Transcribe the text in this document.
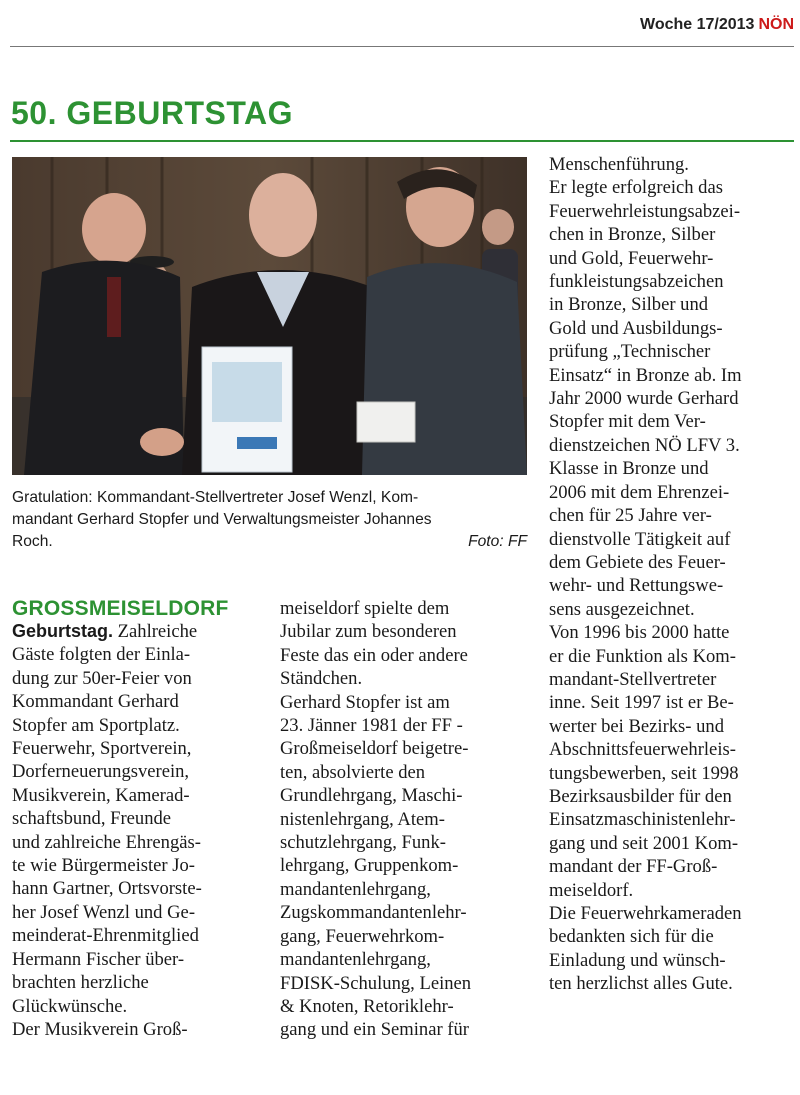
Woche 17/2013 NÖN
50. GEBURTSTAG
Gratulation: Kommandant-Stellvertreter Josef Wenzl, Kom-
mandant Gerhard Stopfer und Verwaltungsmeister Johannes
Roch.	Foto: FF
GROSSMEISELDORF
Geburtstag. Zahlreiche
Gäste folgten der Einla-
dung zur 50er-Feier von
Kommandant Gerhard
Stopfer am Sportplatz.
Feuerwehr, Sportverein,
Dorferneuerungsverein,
Musikverein, Kamerad-
schaftsbund, Freunde
und zahlreiche Ehrengäs-
te wie Bürgermeister Jo-
hann Gartner, Ortsvorste-
her Josef Wenzl und Ge-
meinderat-Ehrenmitglied
Hermann Fischer über-
brachten herzliche
Glückwünsche.
Der Musikverein Groß-
meiseldorf spielte dem
Jubilar zum besonderen
Feste das ein oder andere
Ständchen.
Gerhard Stopfer ist am
23. Jänner 1981 der FF -
Großmeiseldorf beigetre-
ten, absolvierte den
Grundlehrgang, Maschi-
nistenlehrgang, Atem-
schutzlehrgang, Funk-
lehrgang, Gruppenkom-
mandantenlehrgang,
Zugskommandantenlehr-
gang, Feuerwehrkom-
mandantenlehrgang,
FDISK-Schulung, Leinen
& Knoten, Retoriklehr-
gang und ein Seminar für
Menschenführung.
Er legte erfolgreich das
Feuerwehrleistungsabzei-
chen in Bronze, Silber
und Gold, Feuerwehr-
funkleistungsabzeichen
in Bronze, Silber und
Gold und Ausbildungs-
prüfung „Technischer
Einsatz“ in Bronze ab. Im
Jahr 2000 wurde Gerhard
Stopfer mit dem Ver-
dienstzeichen NÖ LFV 3.
Klasse in Bronze und
2006 mit dem Ehrenzei-
chen für 25 Jahre ver-
dienstvolle Tätigkeit auf
dem Gebiete des Feuer-
wehr- und Rettungswe-
sens ausgezeichnet.
Von 1996 bis 2000 hatte
er die Funktion als Kom-
mandant-Stellvertreter
inne. Seit 1997 ist er Be-
werter bei Bezirks- und
Abschnittsfeuerwehrleis-
tungsbewerben, seit 1998
Bezirksausbilder für den
Einsatzmaschinistenlehr-
gang und seit 2001 Kom-
mandant der FF-Groß-
meiseldorf.
Die Feuerwehrkameraden
bedankten sich für die
Einladung und wünsch-
ten herzlichst alles Gute.
